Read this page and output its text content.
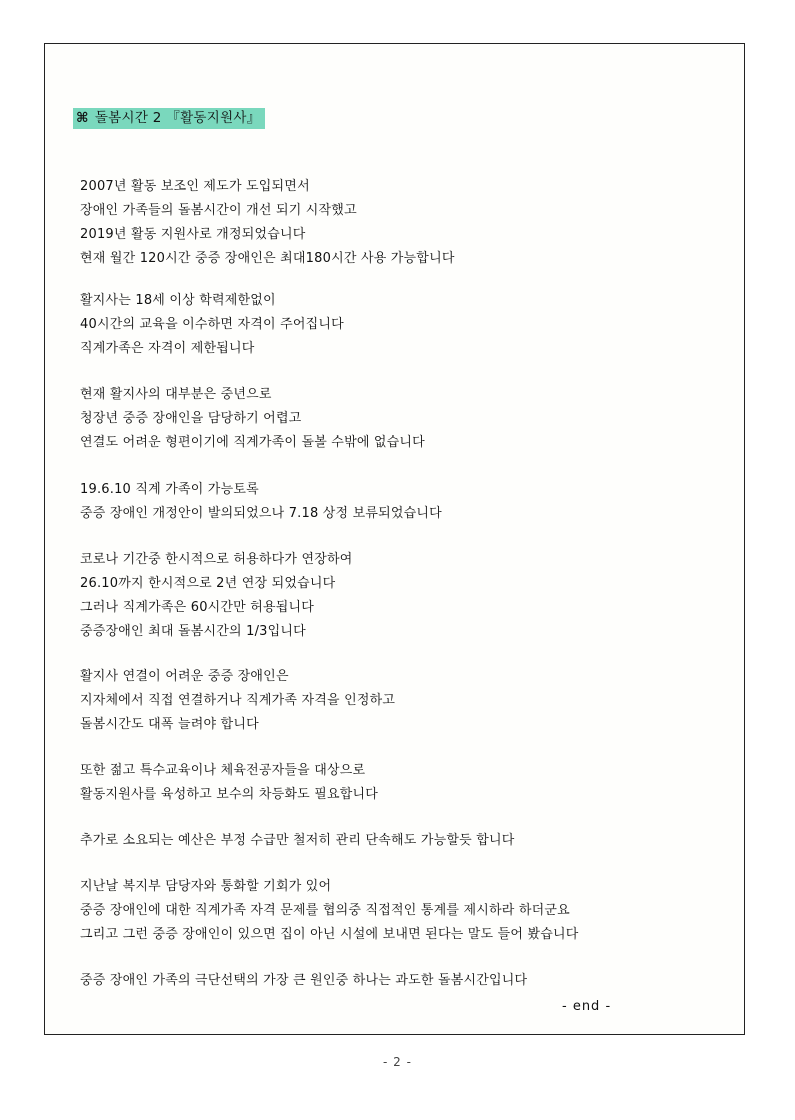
⌘ 돌봄시간 2 『활동지원사』
2007년 활동 보조인 제도가 도입되면서
장애인 가족들의 돌봄시간이 개선 되기 시작했고
2019년 활동 지원사로 개정되었습니다
현재 월간 120시간 중증 장애인은 최대180시간 사용 가능합니다
활지사는 18세 이상 학력제한없이
40시간의 교육을 이수하면 자격이 주어집니다
직계가족은 자격이 제한됩니다
현재 활지사의 대부분은 중년으로
청장년 중증 장애인을 담당하기 어렵고
연결도 어려운 형편이기에 직계가족이 돌볼 수밖에 없습니다
19.6.10 직계 가족이 가능토록
중증 장애인 개정안이 발의되었으나 7.18 상정 보류되었습니다
코로나 기간중 한시적으로 허용하다가 연장하여
26.10까지 한시적으로 2년 연장 되었습니다
그러나 직계가족은 60시간만 허용됩니다
중증장애인 최대 돌봄시간의 1/3입니다
활지사 연결이 어려운 중증 장애인은
지자체에서 직접 연결하거나 직계가족 자격을 인정하고
돌봄시간도 대폭 늘려야 합니다
또한 젊고 특수교육이나 체육전공자들을 대상으로
활동지원사를 육성하고 보수의 차등화도 필요합니다
추가로 소요되는 예산은 부정 수급만 철저히 관리 단속해도 가능할듯 합니다
지난날 복지부 담당자와 통화할 기회가 있어
중증 장애인에 대한 직계가족 자격 문제를 협의중 직접적인 통계를 제시하라 하더군요
그리고 그런 중증 장애인이 있으면 집이 아닌 시설에 보내면 된다는 말도 들어 봤습니다
중증 장애인 가족의 극단선택의 가장 큰 원인중 하나는 과도한 돌봄시간입니다
- end -
- 2 -
